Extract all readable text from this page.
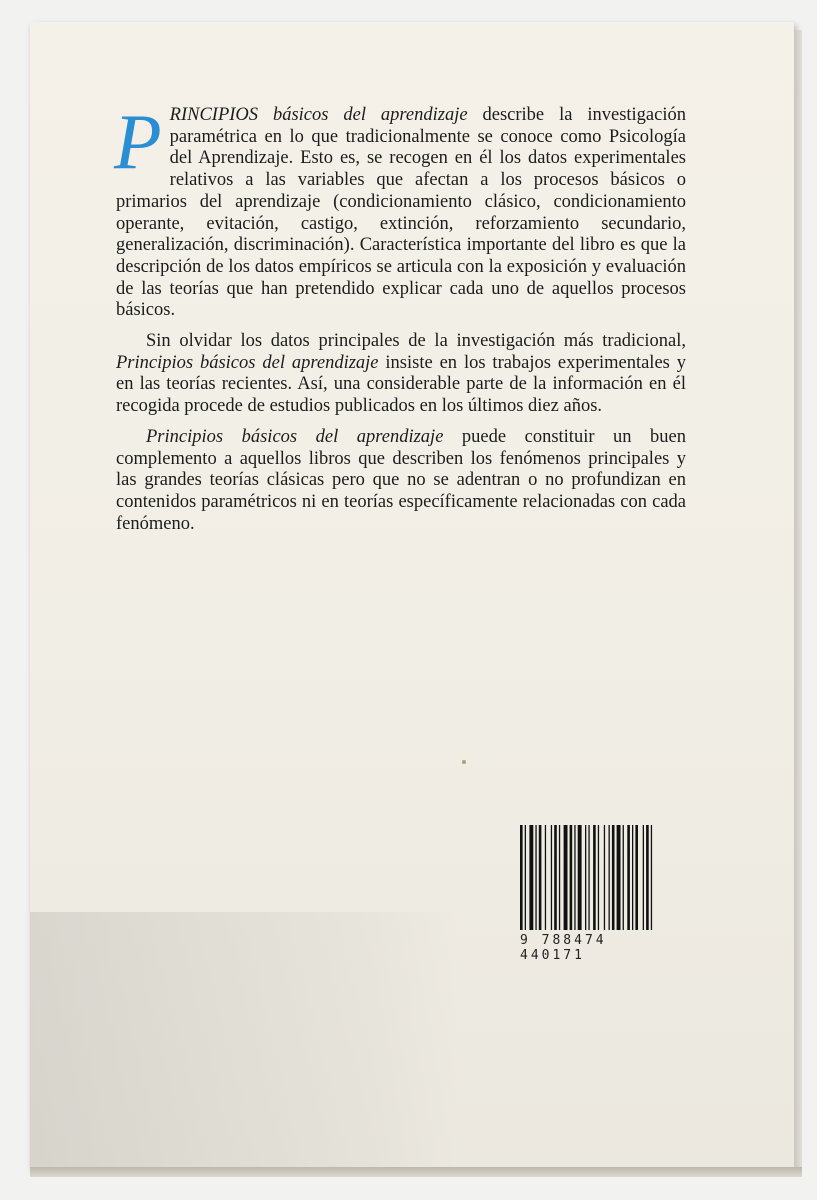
PRINCIPIOS básicos del aprendizaje describe la investigación paramétrica en lo que tradicionalmente se conoce como Psicología del Aprendizaje. Esto es, se recogen en él los datos experimentales relativos a las variables que afectan a los procesos básicos o primarios del aprendizaje (condicionamiento clásico, condicionamiento operante, evitación, castigo, extinción, reforzamiento secundario, generalización, discriminación). Característica importante del libro es que la descripción de los datos empíricos se articula con la exposición y evaluación de las teorías que han pretendido explicar cada uno de aquellos procesos básicos.

Sin olvidar los datos principales de la investigación más tradicional, Principios básicos del aprendizaje insiste en los trabajos experimentales y en las teorías recientes. Así, una considerable parte de la información en él recogida procede de estudios publicados en los últimos diez años.

Principios básicos del aprendizaje puede constituir un buen complemento a aquellos libros que describen los fenómenos principales y las grandes teorías clásicas pero que no se adentran o no profundizan en contenidos paramétricos ni en teorías específicamente relacionadas con cada fenómeno.

9 788474 440171
